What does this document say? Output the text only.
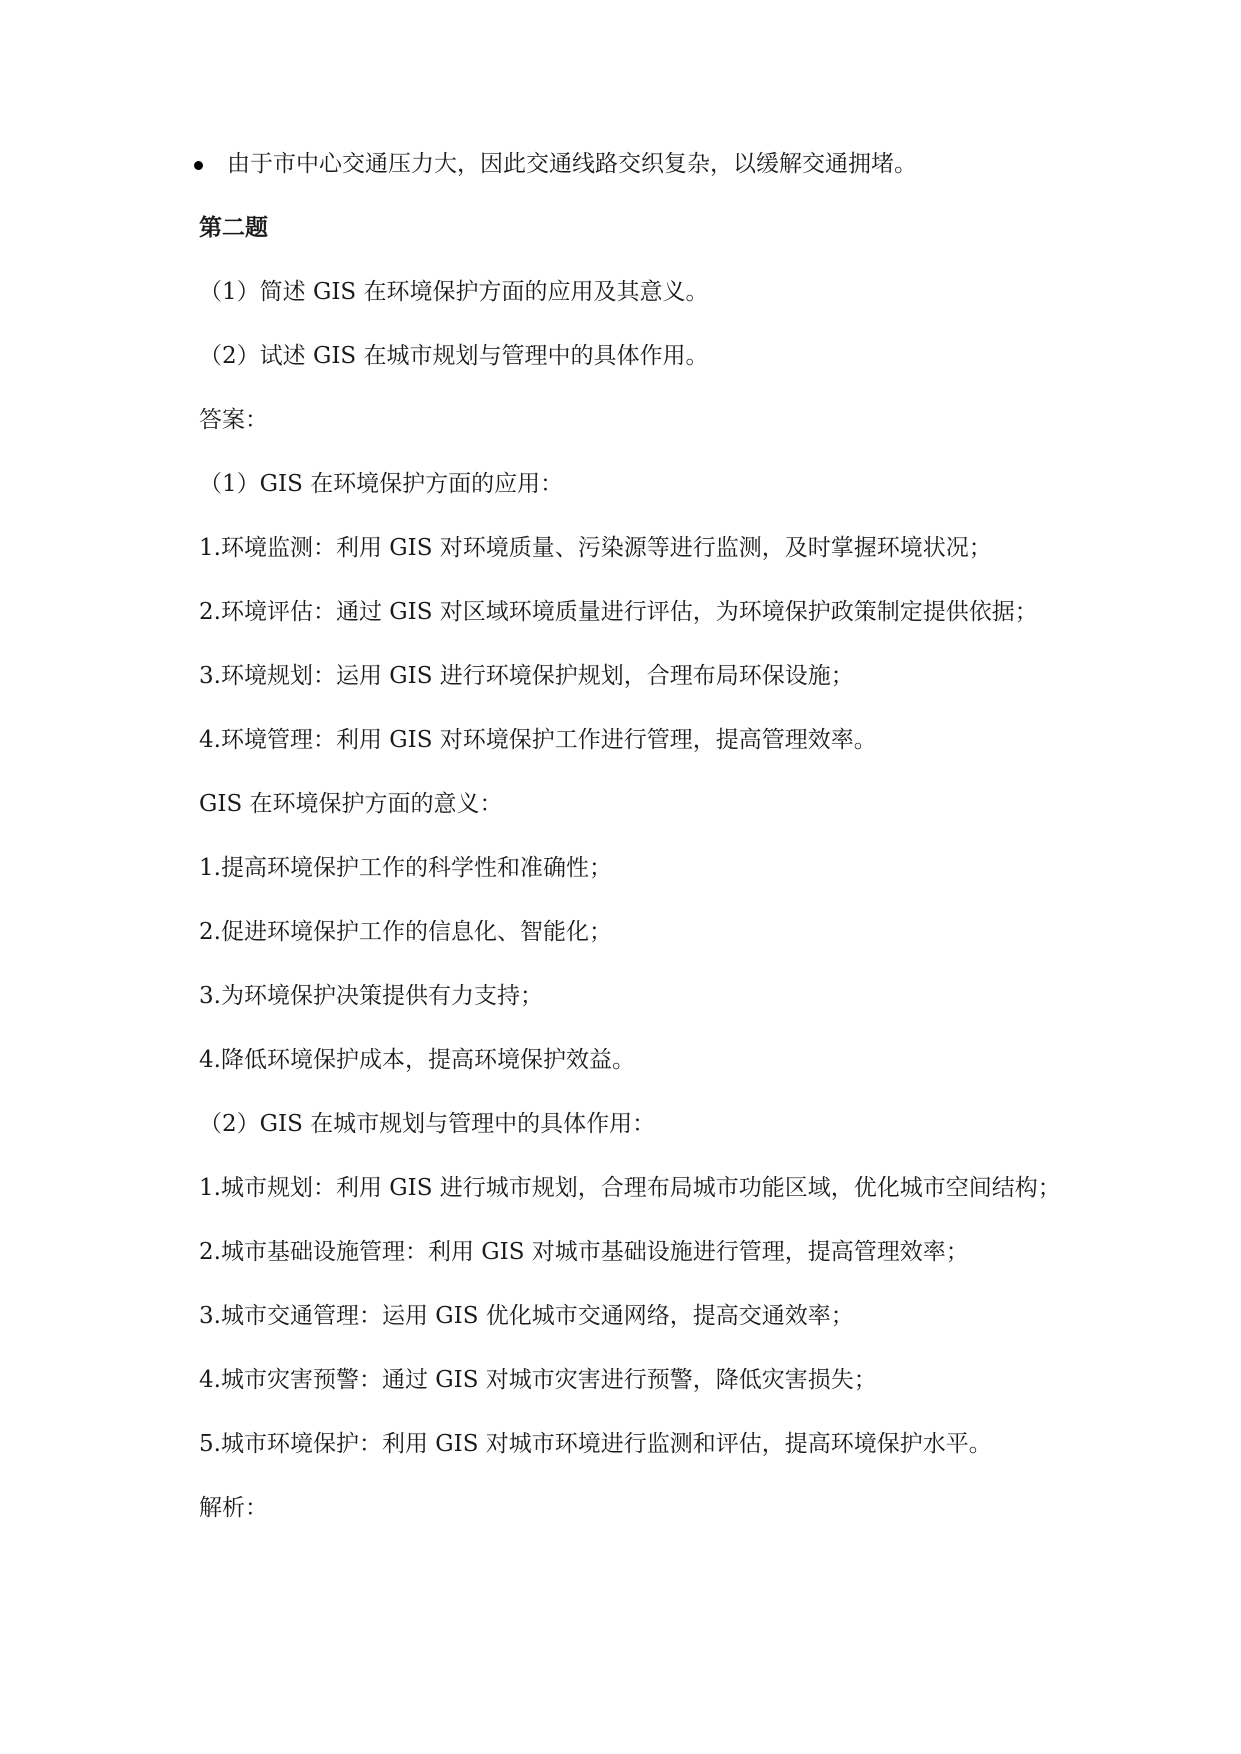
由于市中心交通压力大，因此交通线路交织复杂，以缓解交通拥堵。
第二题
（1）简述 GIS 在环境保护方面的应用及其意义。
（2）试述 GIS 在城市规划与管理中的具体作用。
答案：
（1）GIS 在环境保护方面的应用：
1.环境监测：利用 GIS 对环境质量、污染源等进行监测，及时掌握环境状况；
2.环境评估：通过 GIS 对区域环境质量进行评估，为环境保护政策制定提供依据；
3.环境规划：运用 GIS 进行环境保护规划，合理布局环保设施；
4.环境管理：利用 GIS 对环境保护工作进行管理，提高管理效率。
GIS 在环境保护方面的意义：
1.提高环境保护工作的科学性和准确性；
2.促进环境保护工作的信息化、智能化；
3.为环境保护决策提供有力支持；
4.降低环境保护成本，提高环境保护效益。
（2）GIS 在城市规划与管理中的具体作用：
1.城市规划：利用 GIS 进行城市规划，合理布局城市功能区域，优化城市空间结构；
2.城市基础设施管理：利用 GIS 对城市基础设施进行管理，提高管理效率；
3.城市交通管理：运用 GIS 优化城市交通网络，提高交通效率；
4.城市灾害预警：通过 GIS 对城市灾害进行预警，降低灾害损失；
5.城市环境保护：利用 GIS 对城市环境进行监测和评估，提高环境保护水平。
解析：
